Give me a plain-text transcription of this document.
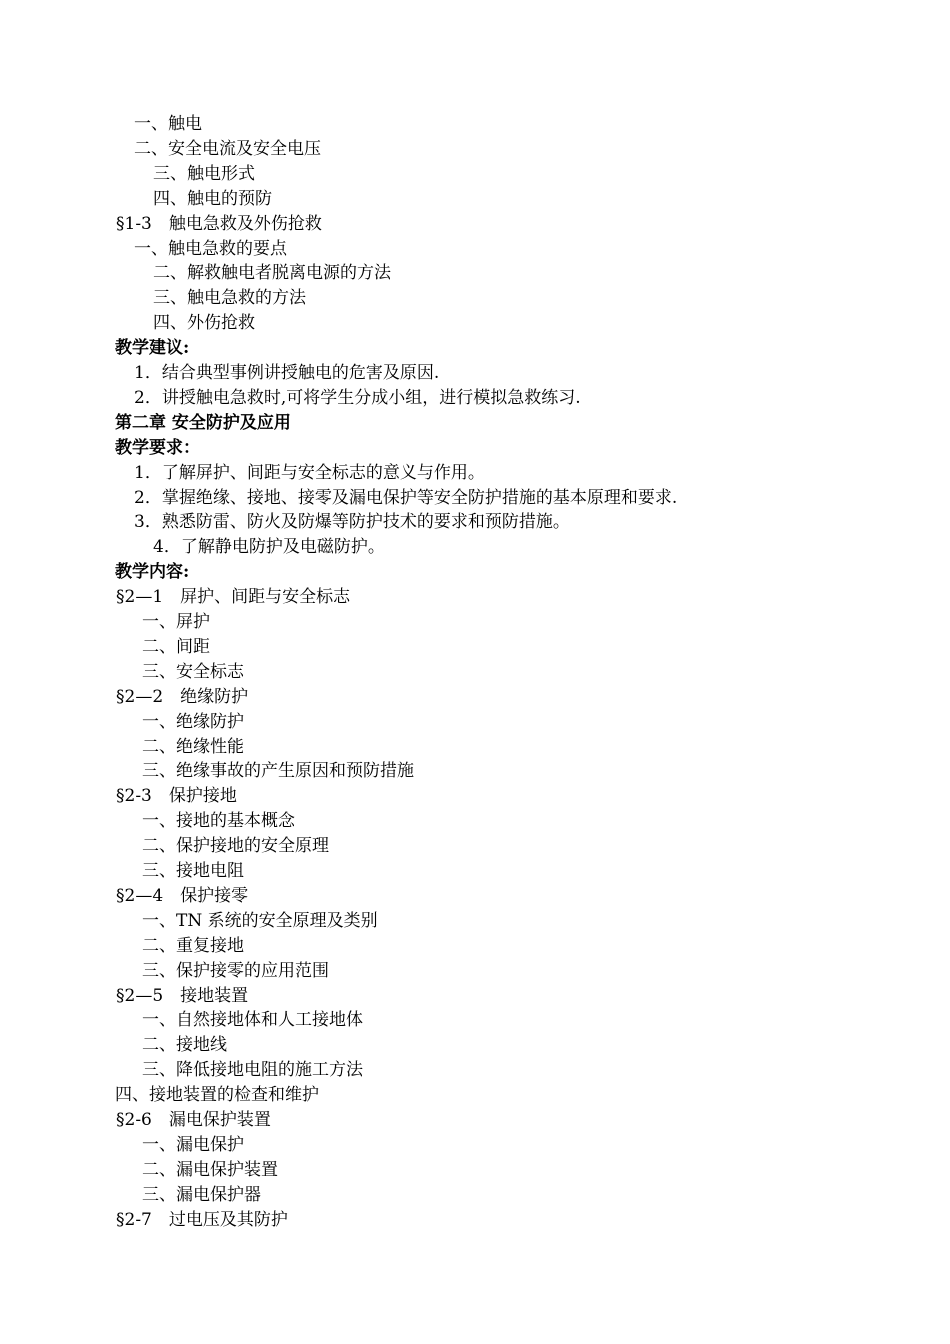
一、触电
二、安全电流及安全电压
三、触电形式
四、触电的预防
§1-3　触电急救及外伤抢救
一、触电急救的要点
二、解救触电者脱离电源的方法
三、触电急救的方法
四、外伤抢救
教学建议:
1．结合典型事例讲授触电的危害及原因.
2．讲授触电急救时,可将学生分成小组，进行模拟急救练习.
第二章 安全防护及应用
教学要求：
1．了解屏护、间距与安全标志的意义与作用。
2．掌握绝缘、接地、接零及漏电保护等安全防护措施的基本原理和要求.
3．熟悉防雷、防火及防爆等防护技术的要求和预防措施。
4．了解静电防护及电磁防护。
教学内容:
§2—1　屏护、间距与安全标志
一、屏护
二、间距
三、安全标志
§2—2　绝缘防护
一、绝缘防护
二、绝缘性能
三、绝缘事故的产生原因和预防措施
§2-3　保护接地
一、接地的基本概念
二、保护接地的安全原理
三、接地电阻
§2—4　保护接零
一、TN 系统的安全原理及类别
二、重复接地
三、保护接零的应用范围
§2—5　接地装置
一、自然接地体和人工接地体
二、接地线
三、降低接地电阻的施工方法
四、接地装置的检查和维护
§2-6　漏电保护装置
一、漏电保护
二、漏电保护装置
三、漏电保护器
§2-7　过电压及其防护
